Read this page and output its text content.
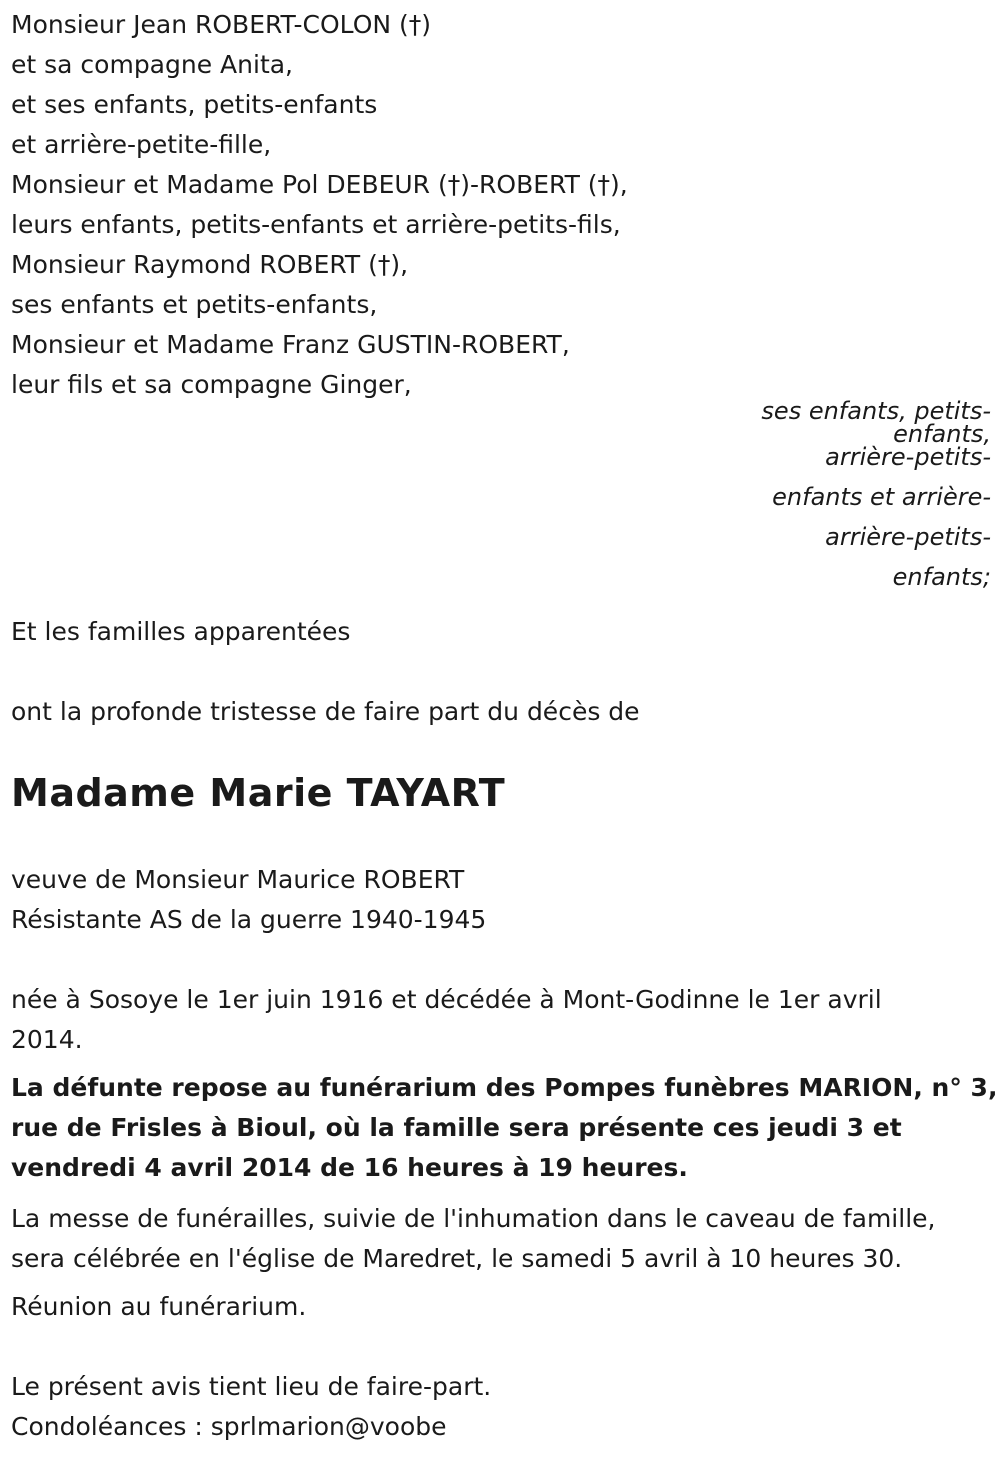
Monsieur Jean ROBERT-COLON (†)
et sa compagne Anita,
et ses enfants, petits-enfants
et arrière-petite-fille,
Monsieur et Madame Pol DEBEUR (†)-ROBERT (†),
leurs enfants, petits-enfants et arrière-petits-fils,
Monsieur Raymond ROBERT (†),
ses enfants et petits-enfants,
Monsieur et Madame Franz GUSTIN-ROBERT,
leur fils et sa compagne Ginger,
ses enfants, petits-
enfants,
arrière-petits-
enfants et arrière-
arrière-petits-
enfants;
Et les familles apparentées
ont la profonde tristesse de faire part du décès de
Madame Marie TAYART
veuve de Monsieur Maurice ROBERT
Résistante AS de la guerre 1940-1945
née à Sosoye le 1er juin 1916 et décédée à Mont-Godinne le 1er avril
2014.
La défunte repose au funérarium des Pompes funèbres MARION, n° 3,
rue de Frisles à Bioul, où la famille sera présente ces jeudi 3 et
vendredi 4 avril 2014 de 16 heures à 19 heures.
La messe de funérailles, suivie de l'inhumation dans le caveau de famille,
sera célébrée en l'église de Maredret, le samedi 5 avril à 10 heures 30.
Réunion au funérarium.
Le présent avis tient lieu de faire-part.
Condoléances : sprlmarion@voobe
